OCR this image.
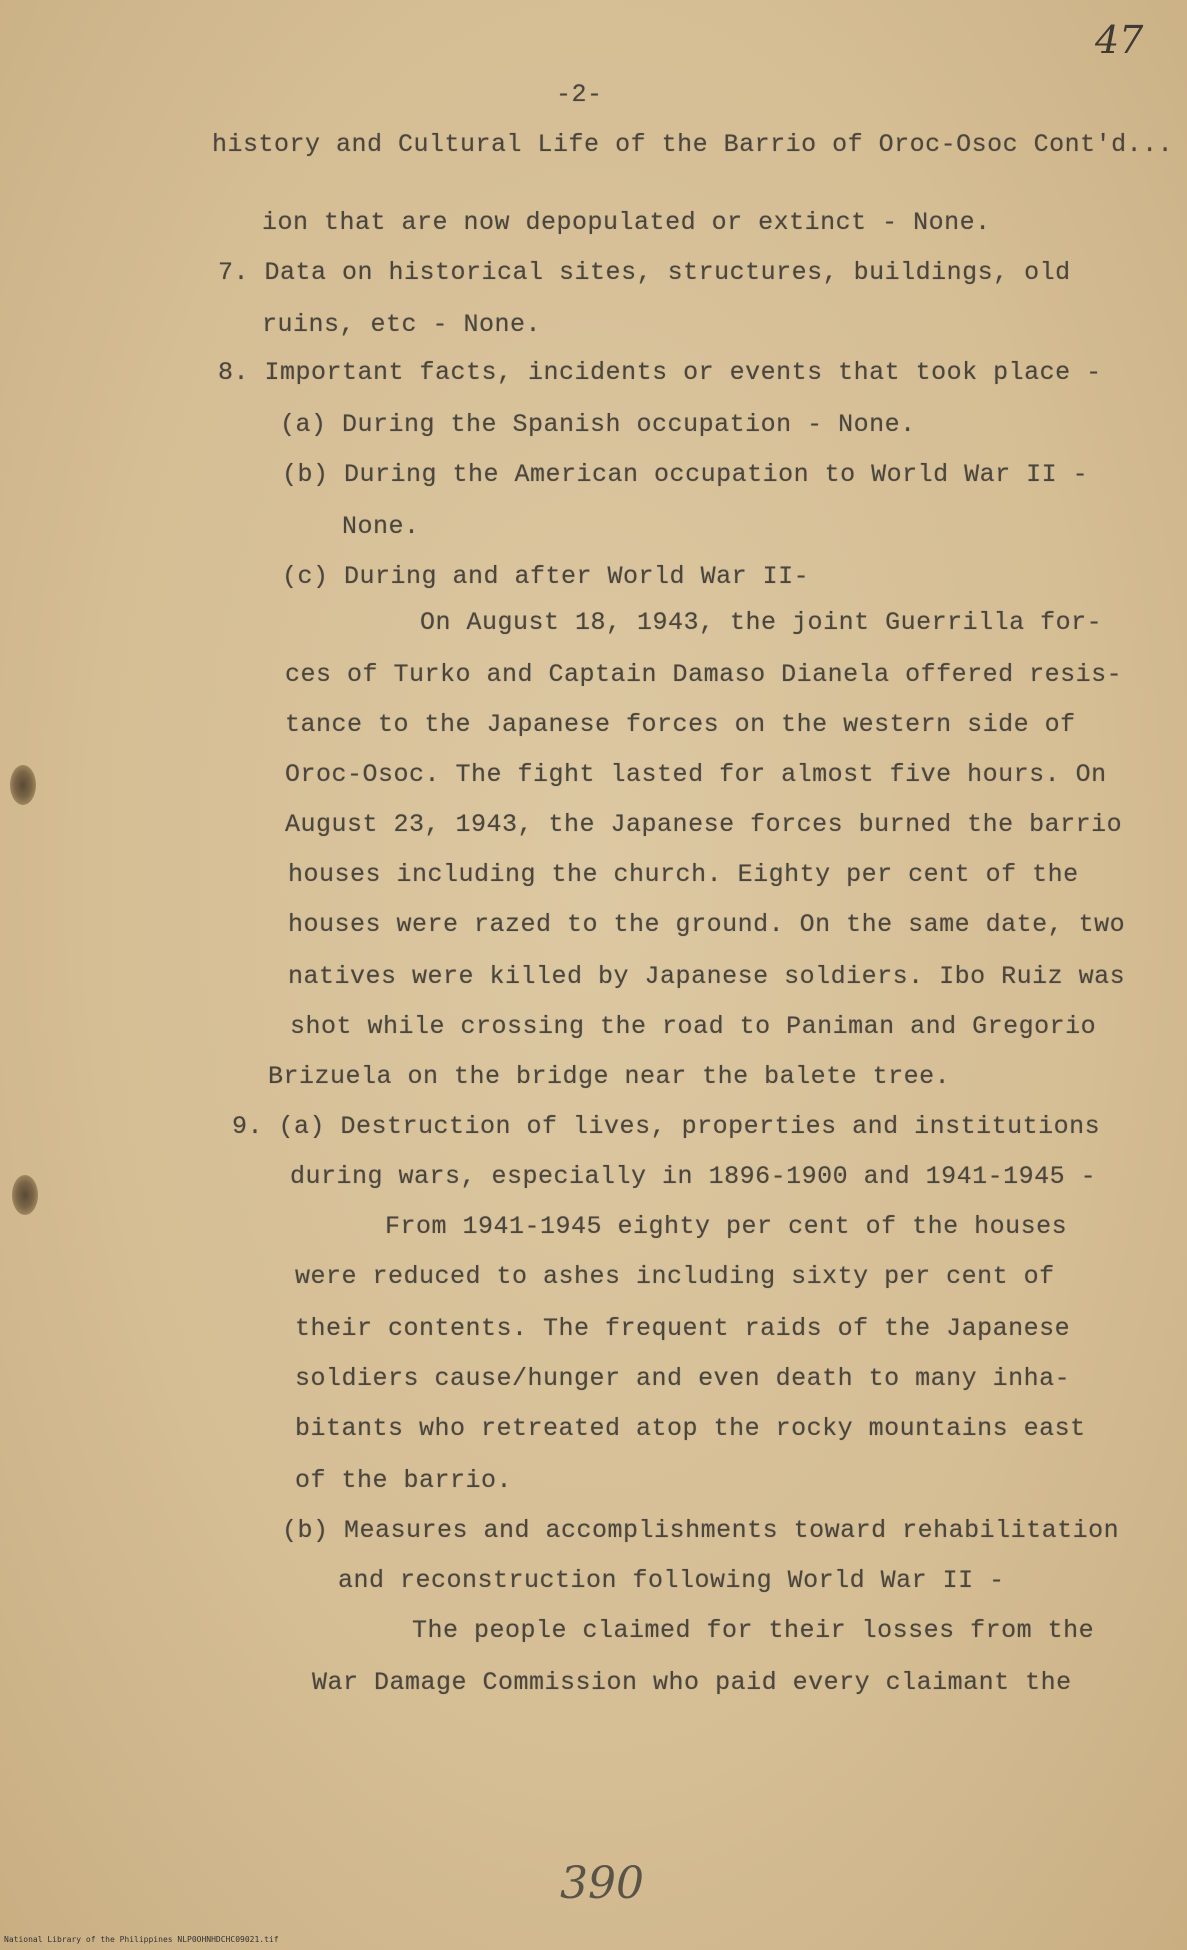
47
-2-
history and Cultural Life of the Barrio of Oroc-Osoc Cont'd...
ion that are now depopulated or extinct - None.
7. Data on historical sites, structures, buildings, old
ruins, etc - None.
8. Important facts, incidents or events that took place -
(a) During the Spanish occupation - None.
(b) During the American occupation to World War II -
None.
(c) During and after World War II-
On August 18, 1943, the joint Guerrilla for-
ces of Turko and Captain Damaso Dianela offered resis-
tance to the Japanese forces on the western side of
Oroc-Osoc. The fight lasted for almost five hours. On
August 23, 1943, the Japanese forces burned the barrio
houses including the church. Eighty per cent of the
houses were razed to the ground. On the same date, two
natives were killed by Japanese soldiers. Ibo Ruiz was
shot while crossing the road to Paniman and Gregorio
Brizuela on the bridge near the balete tree.
9. (a) Destruction of lives, properties and institutions
during wars, especially in 1896-1900 and 1941-1945 -
From 1941-1945 eighty per cent of the houses
were reduced to ashes including sixty per cent of
their contents. The frequent raids of the Japanese
soldiers cause/hunger and even death to many inha-
bitants who retreated atop the rocky mountains east
of the barrio.
(b) Measures and accomplishments toward rehabilitation
and reconstruction following World War II -
The people claimed for their losses from the
War Damage Commission who paid every claimant the
390
National Library of the Philippines NLP0OHNHDCHC09021.tif
